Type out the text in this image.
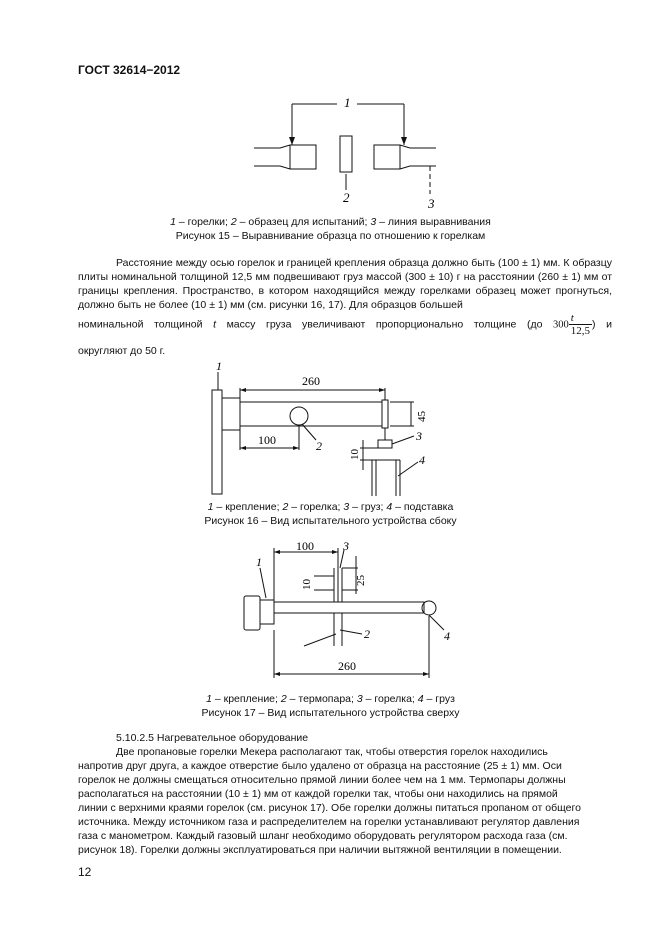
ГОСТ 32614−2012
1
2	3
1 – горелки; 2 – образец для испытаний; 3 – линия выравнивания
Рисунок 15 – Выравнивание образца по отношению к горелкам
Расстояние между осью горелок и границей крепления образца должно быть (100 ± 1) мм. К образцу плиты номинальной толщиной 12,5 мм подвешивают груз массой (300 ± 10) г на расстоянии (260 ± 1) мм от границы крепления. Пространство, в котором находящийся между горелками образец может прогнуться, должно быть не более (10 ± 1) мм (см. рисунки 16, 17). Для образцов большей
номинальной толщиной t массу груза увеличивают пропорционально толщине (до $300 \frac{t}{12,5}$ ) и
округляют до 50 г.
1
2
3
4
260
100
45
10
1 – крепление; 2 – горелка; 3 – груз; 4 – подставка
Рисунок 16 – Вид испытательного устройства сбоку
1
2
3
4
100
10	25
260
1 – крепление; 2 – термопара; 3 – горелка; 4 – груз
Рисунок 17 – Вид испытательного устройства сверху
5.10.2.5 Нагревательное оборудование
Две пропановые горелки Мекера располагают так, чтобы отверстия горелок находились
напротив друг друга, а каждое отверстие было удалено от образца на расстояние (25 ± 1) мм. Оси
горелок не должны смещаться относительно прямой линии более чем на 1 мм. Термопары должны
располагаться на расстоянии (10 ± 1) мм от каждой горелки так, чтобы они находились на прямой
линии с верхними краями горелок (см. рисунок 17). Обе горелки должны питаться пропаном от общего
источника. Между источником газа и распределителем на горелки устанавливают регулятор давления
газа с манометром. Каждый газовый шланг необходимо оборудовать регулятором расхода газа (см.
рисунок 18). Горелки должны эксплуатироваться при наличии вытяжной вентиляции в помещении.
12
